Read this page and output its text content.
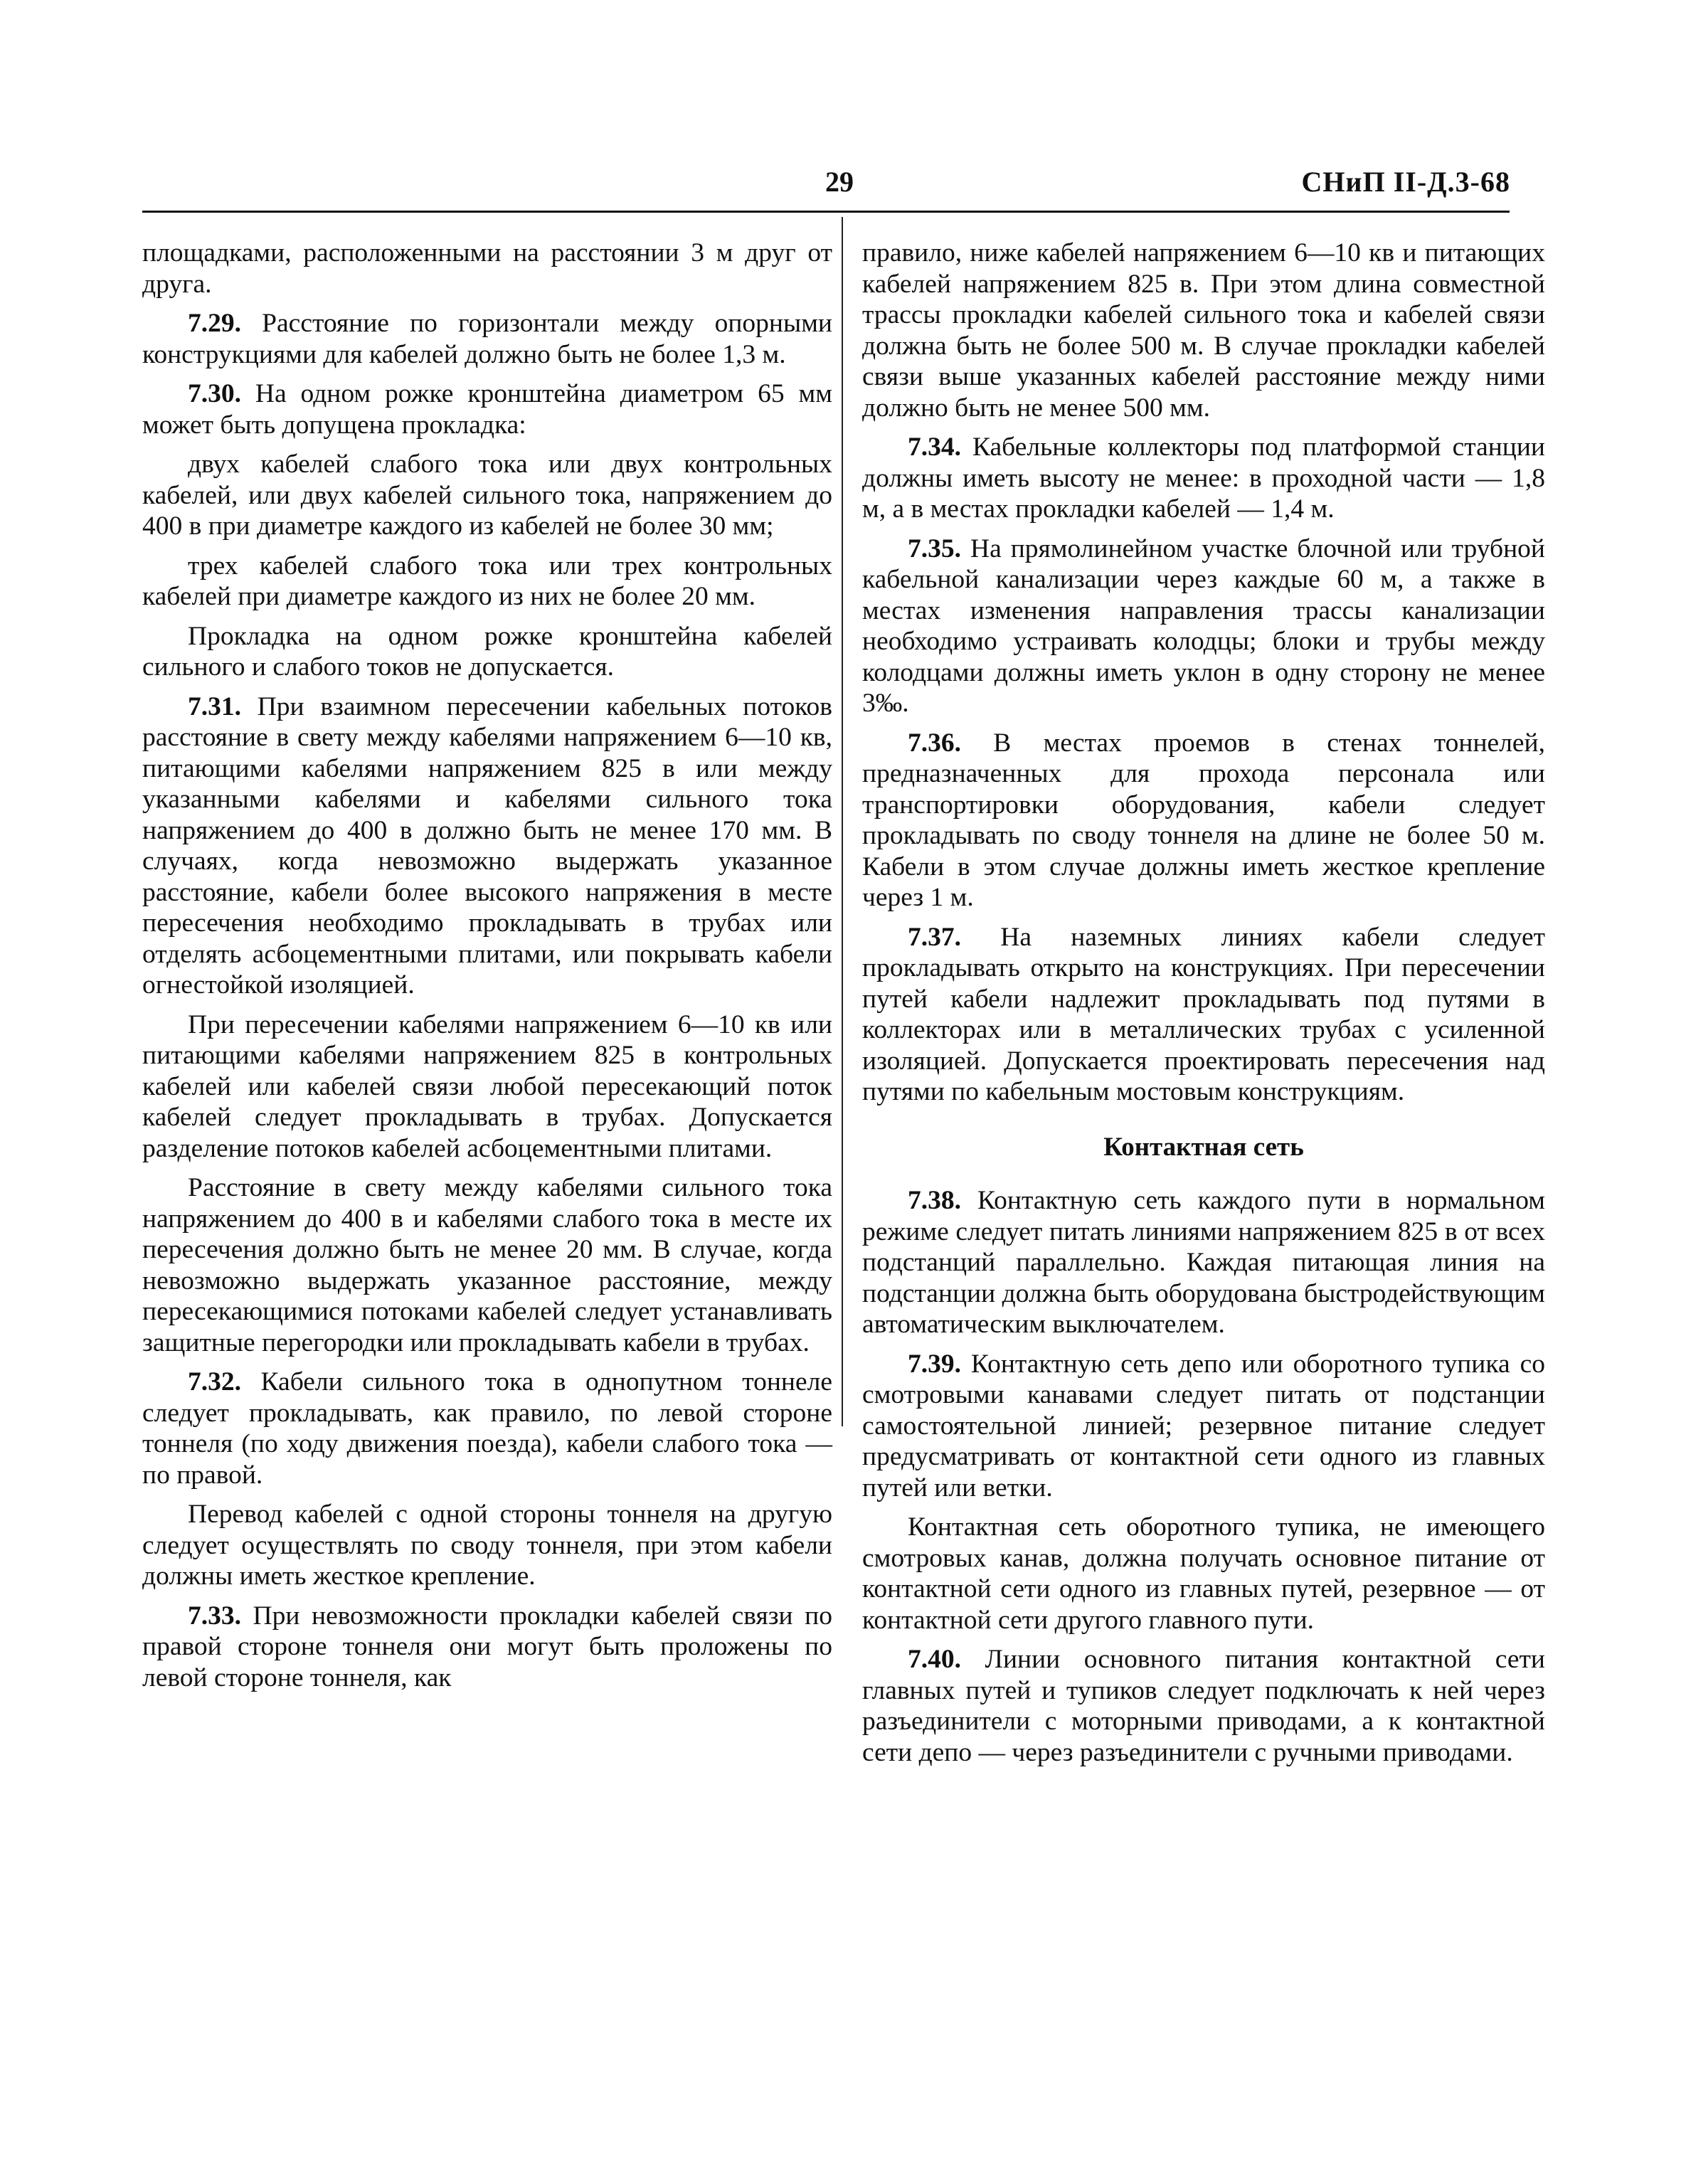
29	СНиП II-Д.3-68

площадками, расположенными на расстоянии 3 м друг от друга.

7.29. Расстояние по горизонтали между опорными конструкциями для кабелей должно быть не более 1,3 м.

7.30. На одном рожке кронштейна диаметром 65 мм может быть допущена прокладка:

двух кабелей слабого тока или двух контрольных кабелей, или двух кабелей сильного тока, напряжением до 400 в при диаметре каждого из кабелей не более 30 мм;

трех кабелей слабого тока или трех контрольных кабелей при диаметре каждого из них не более 20 мм.

Прокладка на одном рожке кронштейна кабелей сильного и слабого токов не допускается.

7.31. При взаимном пересечении кабельных потоков расстояние в свету между кабелями напряжением 6—10 кв, питающими кабелями напряжением 825 в или между указанными кабелями и кабелями сильного тока напряжением до 400 в должно быть не менее 170 мм. В случаях, когда невозможно выдержать указанное расстояние, кабели более высокого напряжения в месте пересечения необходимо прокладывать в трубах или отделять асбоцементными плитами, или покрывать кабели огнестойкой изоляцией.

При пересечении кабелями напряжением 6—10 кв или питающими кабелями напряжением 825 в контрольных кабелей или кабелей связи любой пересекающий поток кабелей следует прокладывать в трубах. Допускается разделение потоков кабелей асбоцементными плитами.

Расстояние в свету между кабелями сильного тока напряжением до 400 в и кабелями слабого тока в месте их пересечения должно быть не менее 20 мм. В случае, когда невозможно выдержать указанное расстояние, между пересекающимися потоками кабелей следует устанавливать защитные перегородки или прокладывать кабели в трубах.

7.32. Кабели сильного тока в однопутном тоннеле следует прокладывать, как правило, по левой стороне тоннеля (по ходу движения поезда), кабели слабого тока — по правой.

Перевод кабелей с одной стороны тоннеля на другую следует осуществлять по своду тоннеля, при этом кабели должны иметь жесткое крепление.

7.33. При невозможности прокладки кабелей связи по правой стороне тоннеля они могут быть проложены по левой стороне тоннеля, как

правило, ниже кабелей напряжением 6—10 кв и питающих кабелей напряжением 825 в. При этом длина совместной трассы прокладки кабелей сильного тока и кабелей связи должна быть не более 500 м. В случае прокладки кабелей связи выше указанных кабелей расстояние между ними должно быть не менее 500 мм.

7.34. Кабельные коллекторы под платформой станции должны иметь высоту не менее: в проходной части — 1,8 м, а в местах прокладки кабелей — 1,4 м.

7.35. На прямолинейном участке блочной или трубной кабельной канализации через каждые 60 м, а также в местах изменения направления трассы канализации необходимо устраивать колодцы; блоки и трубы между колодцами должны иметь уклон в одну сторону не менее 3‰.

7.36. В местах проемов в стенах тоннелей, предназначенных для прохода персонала или транспортировки оборудования, кабели следует прокладывать по своду тоннеля на длине не более 50 м. Кабели в этом случае должны иметь жесткое крепление через 1 м.

7.37. На наземных линиях кабели следует прокладывать открыто на конструкциях. При пересечении путей кабели надлежит прокладывать под путями в коллекторах или в металлических трубах с усиленной изоляцией. Допускается проектировать пересечения над путями по кабельным мостовым конструкциям.

Контактная сеть

7.38. Контактную сеть каждого пути в нормальном режиме следует питать линиями напряжением 825 в от всех подстанций параллельно. Каждая питающая линия на подстанции должна быть оборудована быстродействующим автоматическим выключателем.

7.39. Контактную сеть депо или оборотного тупика со смотровыми канавами следует питать от подстанции самостоятельной линией; резервное питание следует предусматривать от контактной сети одного из главных путей или ветки.

Контактная сеть оборотного тупика, не имеющего смотровых канав, должна получать основное питание от контактной сети одного из главных путей, резервное — от контактной сети другого главного пути.

7.40. Линии основного питания контактной сети главных путей и тупиков следует подключать к ней через разъединители с моторными приводами, а к контактной сети депо — через разъединители с ручными приводами.
